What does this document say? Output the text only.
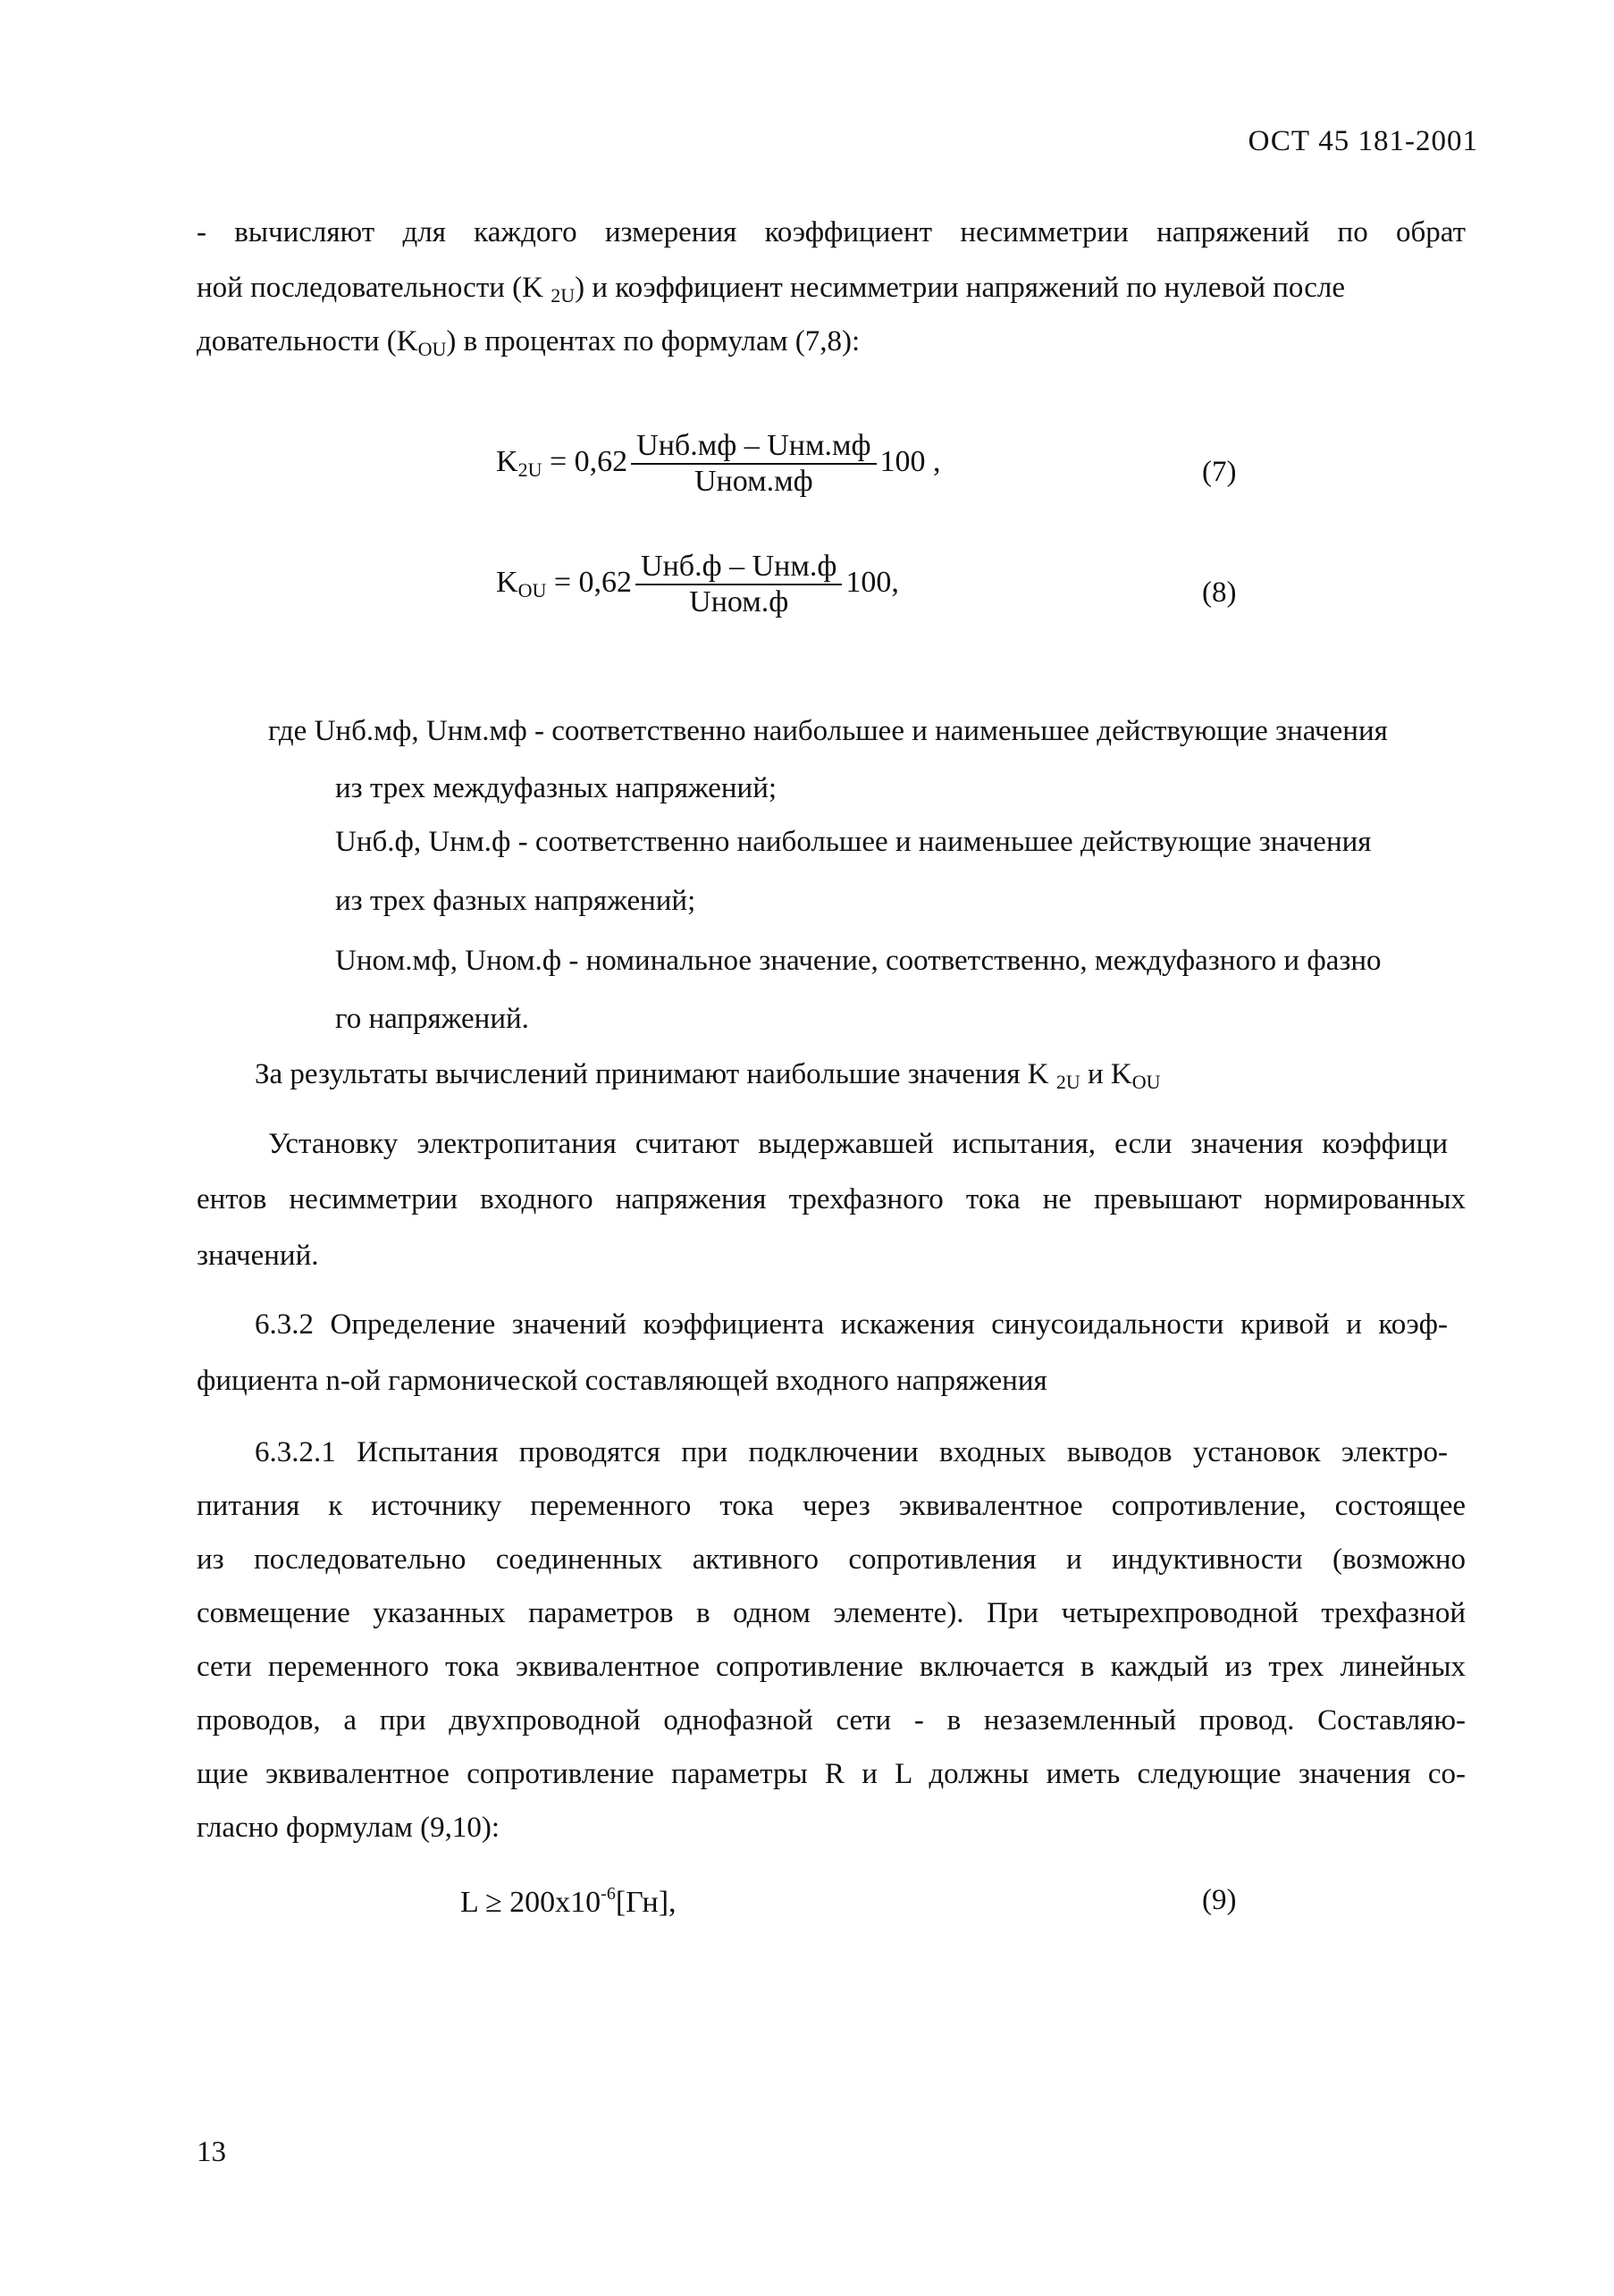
ОСТ 45 181-2001
- вычисляют для каждого измерения коэффициент несимметрии напряжений по обрат
ной последовательности (K $_{2U}$) и коэффициент несимметрии напряжений по нулевой после
довательности $(K_{OU})$ в процентах по формулам (7,8):
$K_{2U} = 0,62 \frac{\text{Uнб.мф – Uнм.мф}}{\text{Uном.мф}} 100$ ,	(7)
$K_{OU} = 0,62 \frac{\text{Uнб.ф – Uнм.ф}}{\text{Uном.ф}} 100$,	(8)
где Uнб.мф, Uнм.мф - соответственно наибольшее и наименьшее действующие значения
из трех междуфазных напряжений;
Uнб.ф, Uнм.ф - соответственно наибольшее и наименьшее действующие значения
из трех фазных напряжений;
Uном.мф, Uном.ф - номинальное значение, соответственно, междуфазного и фазно
го напряжений.
За результаты вычислений принимают наибольшие значения K $_{2U}$ и $K_{OU}$
Установку электропитания считают выдержавшей испытания, если значения коэффици
ентов несимметрии входного напряжения трехфазного тока не превышают нормированных
значений.
6.3.2 Определение значений коэффициента искажения синусоидальности кривой и коэф-
фициента n-ой гармонической составляющей входного напряжения
6.3.2.1 Испытания проводятся при подключении входных выводов установок электро-
питания к источнику переменного тока через эквивалентное сопротивление, состоящее
из последовательно соединенных активного сопротивления и индуктивности (возможно
совмещение указанных параметров в одном элементе). При четырехпроводной трехфазной
сети переменного тока эквивалентное сопротивление включается в каждый из трех линейных
проводов, а при двухпроводной однофазной сети - в незаземленный провод. Составляю-
щие эквивалентное сопротивление параметры R и L должны иметь следующие значения со-
гласно формулам (9,10):
$L \ge 200x10^{-6}[Гн]$,	(9)
13
